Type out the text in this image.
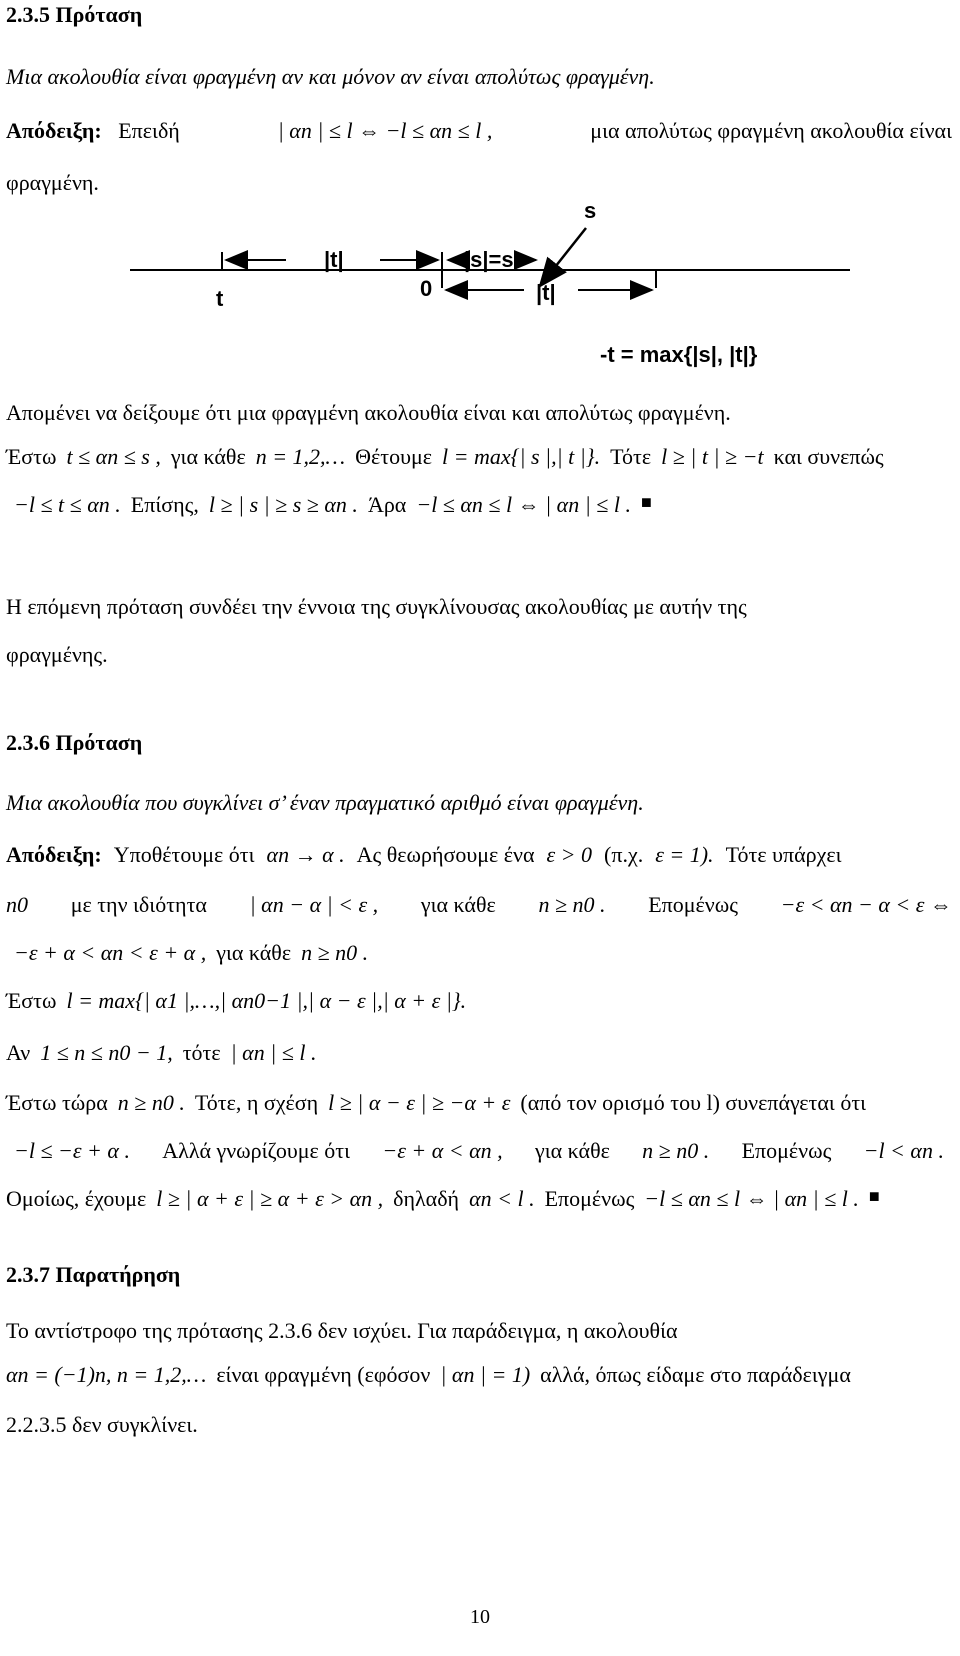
2.3.5 Πρόταση
Μια ακολουθία είναι φραγμένη αν και μόνον αν είναι απολύτως φραγμένη.
Απόδειξη: Επειδή	| αn | ≤ l ⇔ −l ≤ αn ≤ l ,	μια απολύτως φραγμένη ακολουθία είναι
φραγμένη.
s
|t|	|s|=s
t	0	|t|
-t = max{|s|, |t|}
Απομένει να δείξουμε ότι μια φραγμένη ακολουθία είναι και απολύτως φραγμένη.
Έστω t ≤ αn ≤ s , για κάθε n = 1,2,… Θέτουμε l = max{| s |,| t |}. Τότε l ≥ | t | ≥ −t και συνεπώς
−l ≤ t ≤ αn . Επίσης, l ≥ | s | ≥ s ≥ αn . Άρα −l ≤ αn ≤ l ⇔ | αn | ≤ l . ■
Η επόμενη πρόταση συνδέει την έννοια της συγκλίνουσας ακολουθίας με αυτήν της
φραγμένης.
2.3.6 Πρόταση
Μια ακολουθία που συγκλίνει σ’ έναν πραγματικό αριθμό είναι φραγμένη.
Απόδειξη: Υποθέτουμε ότι αn → α . Ας θεωρήσουμε ένα ε > 0 (π.χ. ε = 1). Τότε υπάρχει
n0 με την ιδιότητα | αn − α | < ε , για κάθε n ≥ n0 . Επομένως −ε < αn − α < ε ⇔
−ε + α < αn < ε + α , για κάθε n ≥ n0 .
Έστω l = max{| α1 |,…,| αn0−1 |,| α − ε |,| α + ε |}.
Αν 1 ≤ n ≤ n0 − 1, τότε | αn | ≤ l .
Έστω τώρα n ≥ n0 . Τότε, η σχέση l ≥ | α − ε | ≥ −α + ε (από τον ορισμό του l) συνεπάγεται ότι
−l ≤ −ε + α . Αλλά γνωρίζουμε ότι −ε + α < αn , για κάθε n ≥ n0 . Επομένως −l < αn .
Ομοίως, έχουμε l ≥ | α + ε | ≥ α + ε > αn , δηλαδή αn < l . Επομένως −l ≤ αn ≤ l ⇔ | αn | ≤ l . ■
2.3.7 Παρατήρηση
Το αντίστροφο της πρότασης 2.3.6 δεν ισχύει. Για παράδειγμα, η ακολουθία
αn = (−1)n, n = 1,2,… είναι φραγμένη (εφόσον | αn | = 1) αλλά, όπως είδαμε στο παράδειγμα
2.2.3.5 δεν συγκλίνει.
10
